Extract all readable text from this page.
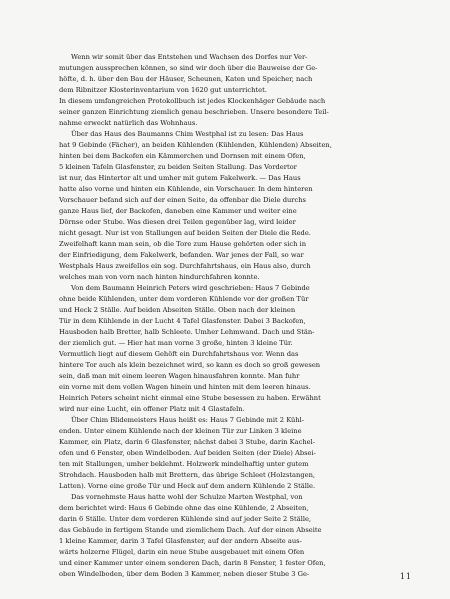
Wenn wir somit über das Entstehen und Wachsen des Dorfes nur Ver-
mutungen aussprechen können, so sind wir doch über die Bauweise der Ge-
höfte, d. h. über den Bau der Häuser, Scheunen, Katen und Speicher, nach
dem Ribnitzer Klosterinventarium von 1620 gut unterrichtet.
In diesem umfangreichen Protokollbuch ist jedes Klockenhäger Gebäude nach
seiner ganzen Einrichtung ziemlich genau beschrieben. Unsere besondere Teil-
nahme erweckt natürlich das Wohnhaus.

Über das Haus des Baumanns Chim Westphal ist zu lesen: Das Haus
hat 9 Gebinde (Fächer), an beiden Kühlenden (Kühlenden, Kühlenden) Abseiten,
hinten bei dem Backofen ein Kämmerchen und Dornsen mit einem Ofen,
5 kleinen Tafeln Glasfenster, zu beiden Seiten Stallung. Das Vordertor
ist nur, das Hintertor alt und umher mit gutem Fakelwerk. — Das Haus
hatte also vorne und hinten ein Kühlende, ein Vorschauer. In dem hinteren
Vorschauer befand sich auf der einen Seite, da offenbar die Diele durchs
ganze Haus lief, der Backofen, daneben eine Kammer und weiter eine
Dörnse oder Stube. Was diesen drei Teilen gegenüber lag, wird leider
nicht gesagt. Nur ist von Stallungen auf beiden Seiten der Diele die Rede.
Zweifelhaft kann man sein, ob die Tore zum Hause gehörten oder sich in
der Einfriedigung, dem Fakelwerk, befanden. War jenes der Fall, so war
Westphals Haus zweifellos ein sog. Durchfahrtshaus, ein Haus also, durch
welches man von vorn nach hinten hindurchfahren konnte.

Von dem Baumann Heinrich Peters wird geschrieben: Haus 7 Gebinde
ohne beide Kühlenden, unter dem vorderen Kühlende vor der großen Tür
und Heck 2 Ställe. Auf beiden Abseiten Ställe. Oben nach der kleinen
Tür in dem Kühlende in der Lucht 4 Tafel Glasfenster. Dabei 3 Backofen,
Hausboden halb Bretter, halb Schleete. Umher Lehmwand. Dach und Stän-
der ziemlich gut. — Hier hat man vorne 3 große, hinten 3 kleine Tür.
Vermutlich liegt auf diesem Gehöft ein Durchfahrtshaus vor. Wenn das
hintere Tor auch als klein bezeichnet wird, so kann es doch so groß gewesen
sein, daß man mit einem leeren Wagen hinausfahren konnte. Man fuhr
ein vorne mit dem vollen Wagen hinein und hinten mit dem leeren hinaus.
Heinrich Peters scheint nicht einmal eine Stube besessen zu haben. Erwähnt
wird nur eine Lucht, ein offener Platz mit 4 Glastafeln.

Über Chim Blidemeisters Haus heißt es: Haus 7 Gebinde mit 2 Kühl-
enden. Unter einem Kühlende nach der kleinen Tür zur Linken 3 kleine
Kammer, ein Platz, darin 6 Glasfenster, nächst dabei 3 Stube, darin Kachel-
ofen und 6 Fenster, oben Windelboden. Auf beiden Seiten (der Diele) Absei-
ten mit Stallungen, umher beklehmt. Holzwerk mindelhaftig unter gutem
Strohdach. Hausboden halb mit Brettern, das übrige Schleet (Holzstangen,
Latten). Vorne eine große Tür und Heck auf dem andern Kühlende 2 Ställe.

Das vornehmste Haus hatte wohl der Schulze Marten Westphal, von
dem berichtet wird: Haus 6 Gebinde ohne das eine Kühlende, 2 Abseiten,
darin 6 Ställe. Unter dem vorderen Kühlende sind auf jeder Seite 2 Ställe,
das Gebäude in fertigem Stande und ziemlichem Dach. Auf der einen Abseite
1 kleine Kammer, darin 3 Tafel Glasfenster, auf der andern Abseite aus-
wärts holzerne Flügel, darin ein neue Stube ausgebauet mit einem Ofen
und einer Kammer unter einem sonderen Dach, darin 8 Fenster, 1 fester Ofen,
oben Windelboden, über dem Boden 3 Kammer, neben dieser Stube 3 Ge-	11
